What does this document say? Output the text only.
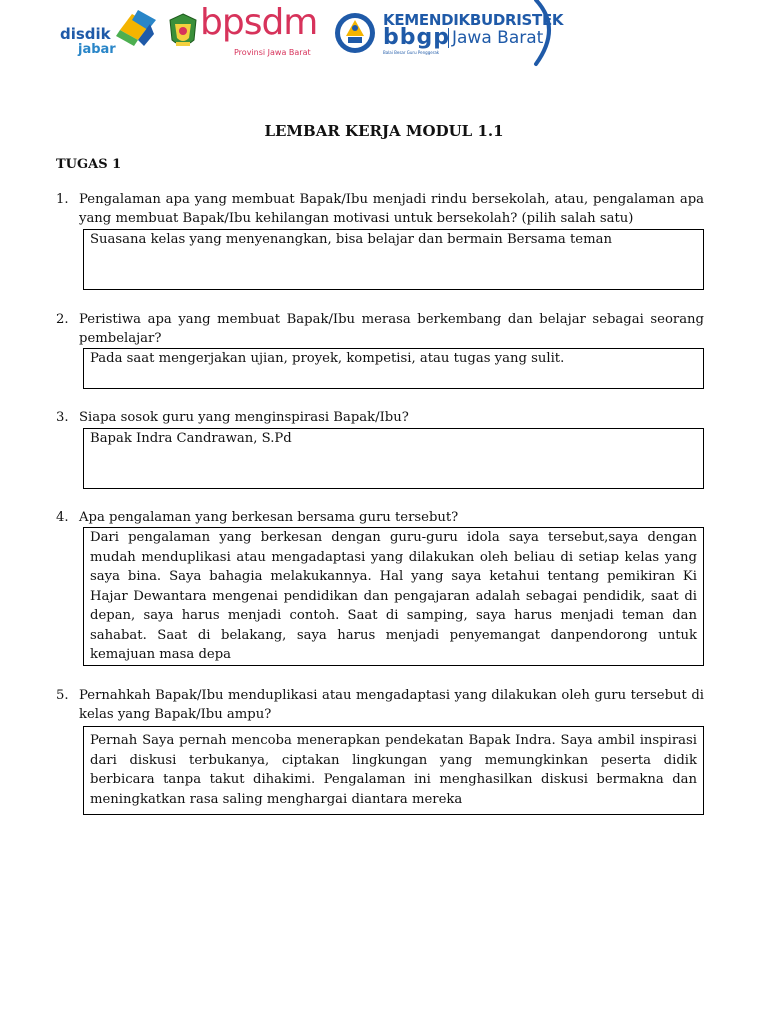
disdik
jabar
bpsdm
Provinsi Jawa Barat
KEMENDIKBUDRISTEK
bbgp Jawa Barat
Balai Besar Guru Penggerak
LEMBAR KERJA MODUL 1.1
TUGAS 1
1. Pengalaman apa yang membuat Bapak/Ibu menjadi rindu bersekolah, atau, pengalaman apa yang membuat Bapak/Ibu kehilangan motivasi untuk bersekolah? (pilih salah satu)
Suasana kelas yang menyenangkan, bisa belajar dan bermain Bersama teman
2. Peristiwa apa yang membuat Bapak/Ibu merasa berkembang dan belajar sebagai seorang pembelajar?
Pada saat mengerjakan ujian, proyek, kompetisi, atau tugas yang sulit.
3. Siapa sosok guru yang menginspirasi Bapak/Ibu?
Bapak Indra Candrawan, S.Pd
4. Apa pengalaman yang berkesan bersama guru tersebut?
Dari pengalaman yang berkesan dengan guru-guru idola saya tersebut,saya dengan mudah menduplikasi atau mengadaptasi yang dilakukan oleh beliau di setiap kelas yang saya bina. Saya bahagia melakukannya. Hal yang saya ketahui tentang pemikiran Ki Hajar Dewantara mengenai pendidikan dan pengajaran adalah sebagai pendidik, saat di depan, saya harus menjadi contoh. Saat di samping, saya harus menjadi teman dan sahabat. Saat di belakang, saya harus menjadi penyemangat danpendorong untuk kemajuan masa depa
5. Pernahkah Bapak/Ibu menduplikasi atau mengadaptasi yang dilakukan oleh guru tersebut di kelas yang Bapak/Ibu ampu?
Pernah Saya pernah mencoba menerapkan pendekatan Bapak Indra. Saya ambil inspirasi dari diskusi terbukanya, ciptakan lingkungan yang memungkinkan peserta didik berbicara tanpa takut dihakimi. Pengalaman ini menghasilkan diskusi bermakna dan meningkatkan rasa saling menghargai diantara mereka
